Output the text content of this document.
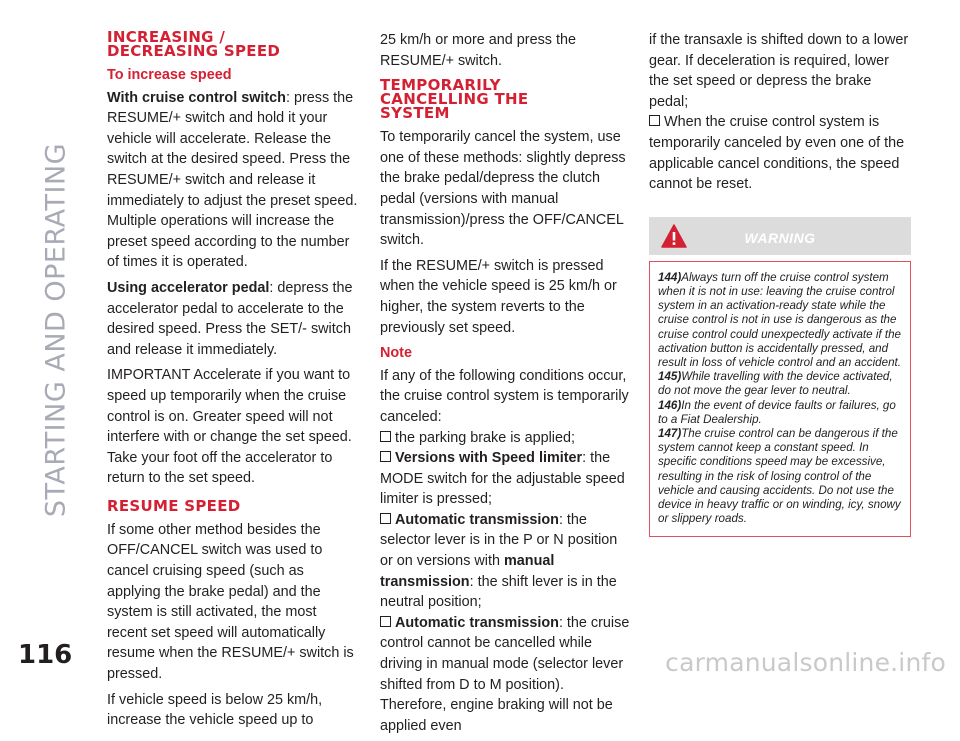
STARTING AND OPERATING
INCREASING /
DECREASING SPEED
To increase speed

With cruise control switch: press the RESUME/+ switch and hold it your vehicle will accelerate. Release the switch at the desired speed. Press the RESUME/+ switch and release it immediately to adjust the preset speed. Multiple operations will increase the preset speed according to the number of times it is operated.

Using accelerator pedal: depress the accelerator pedal to accelerate to the desired speed. Press the SET/- switch and release it immediately.

IMPORTANT Accelerate if you want to speed up temporarily when the cruise control is on. Greater speed will not interfere with or change the set speed. Take your foot off the accelerator to return to the set speed.

RESUME SPEED

If some other method besides the OFF/CANCEL switch was used to cancel cruising speed (such as applying the brake pedal) and the system is still activated, the most recent set speed will automatically resume when the RESUME/+ switch is pressed.

If vehicle speed is below 25 km/h, increase the vehicle speed up to

25 km/h or more and press the RESUME/+ switch.

TEMPORARILY
CANCELLING THE
SYSTEM

To temporarily cancel the system, use one of these methods: slightly depress the brake pedal/depress the clutch pedal (versions with manual transmission)/press the OFF/CANCEL switch.

If the RESUME/+ switch is pressed when the vehicle speed is 25 km/h or higher, the system reverts to the previously set speed.

Note

If any of the following conditions occur, the cruise control system is temporarily canceled:

the parking brake is applied;
Versions with Speed limiter: the MODE switch for the adjustable speed limiter is pressed;
Automatic transmission: the selector lever is in the P or N position or on versions with manual transmission: the shift lever is in the neutral position;
Automatic transmission: the cruise control cannot be cancelled while driving in manual mode (selector lever shifted from D to M position). Therefore, engine braking will not be applied even

if the transaxle is shifted down to a lower gear. If deceleration is required, lower the set speed or depress the brake pedal;

When the cruise control system is temporarily canceled by even one of the applicable cancel conditions, the speed cannot be reset.
WARNING
144)Always turn off the cruise control system when it is not in use: leaving the cruise control system in an activation-ready state while the cruise control is not in use is dangerous as the cruise control could unexpectedly activate if the activation button is accidentally pressed, and result in loss of vehicle control and an accident.
145)While travelling with the device activated, do not move the gear lever to neutral.
146)In the event of device faults or failures, go to a Fiat Dealership.
147)The cruise control can be dangerous if the system cannot keep a constant speed. In specific conditions speed may be excessive, resulting in the risk of losing control of the vehicle and causing accidents. Do not use the device in heavy traffic or on winding, icy, snowy or slippery roads.
116	carmanualsonline.info
